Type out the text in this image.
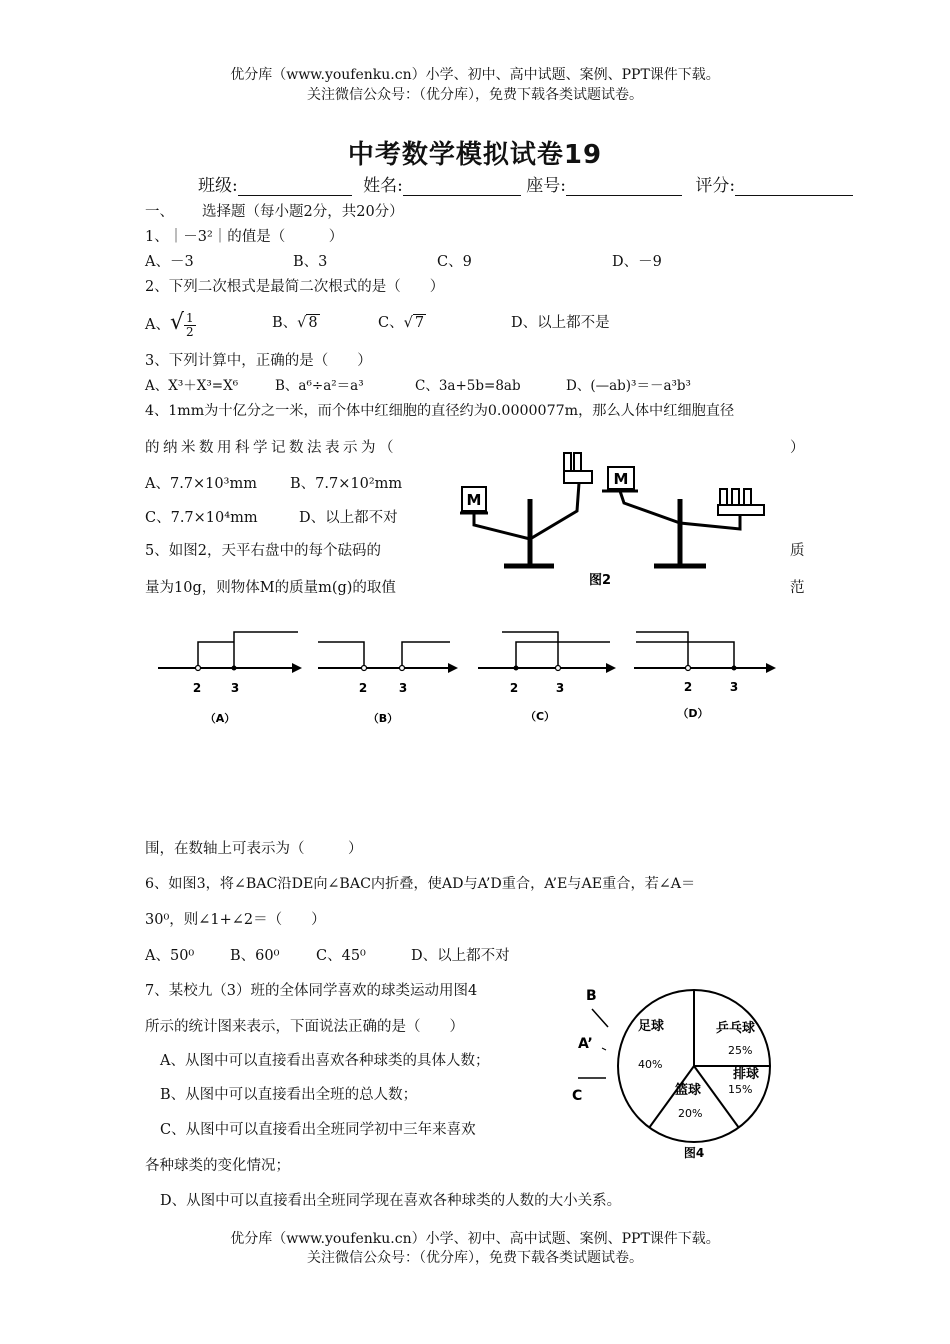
优分库（www.youfenku.cn）小学、初中、高中试题、案例、PPT课件下载。
关注微信公众号：（优分库），免费下载各类试题试卷。
中考数学模拟试卷19
班级:	姓名:	座号:	评分:
一、 选择题（每小题2分，共20分）
1、｜－3²｜的值是（　　　）
A、－3	B、3	C、9	D、－9
2、下列二次根式是最简二次根式的是（　　）
A、√ $\frac{1}{2}$	B、√ 8	C、√ 7	D、以上都不是
3、下列计算中，正确的是（　　）
A、X³＋X³=X⁶	B、a⁶÷a²＝a³	C、3a+5b=8ab	D、(—ab)³＝－a³b³
4、1mm为十亿分之一米，而个体中红细胞的直径约为0.0000077m，那么人体中红细胞直径
的纳米数用科学记数法表示为（	）
A、7.7×10³mm B、7.7×10²mm
C、7.7×10⁴mm	D、以上都不对
5、如图2，天平右盘中的每个砝码的	质
量为10g，则物体M的质量m(g)的取值	范
M
M
图2
2 3
（A）
2	3
（B）
2	3
（C）
2	3
（D）
围，在数轴上可表示为（　　　）
6、如图3，将∠BAC沿DE向∠BAC内折叠，使AD与A’D重合，A’E与AE重合，若∠A＝
30⁰，则∠1+∠2＝（　　）
A、50⁰ B、60⁰	C、45⁰	D、以上都不对
7、某校九（3）班的全体同学喜欢的球类运动用图4
所示的统计图来表示，下面说法正确的是（　　）
A、从图中可以直接看出喜欢各种球类的具体人数；
B、从图中可以直接看出全班的总人数；
C、从图中可以直接看出全班同学初中三年来喜欢
各种球类的变化情况；
D、从图中可以直接看出全班同学现在喜欢各种球类的人数的大小关系。
B
A’
C
足球
40%
乒乓球
25%
排球
15%
篮球
20%
图4
优分库（www.youfenku.cn）小学、初中、高中试题、案例、PPT课件下载。
关注微信公众号：（优分库），免费下载各类试题试卷。
